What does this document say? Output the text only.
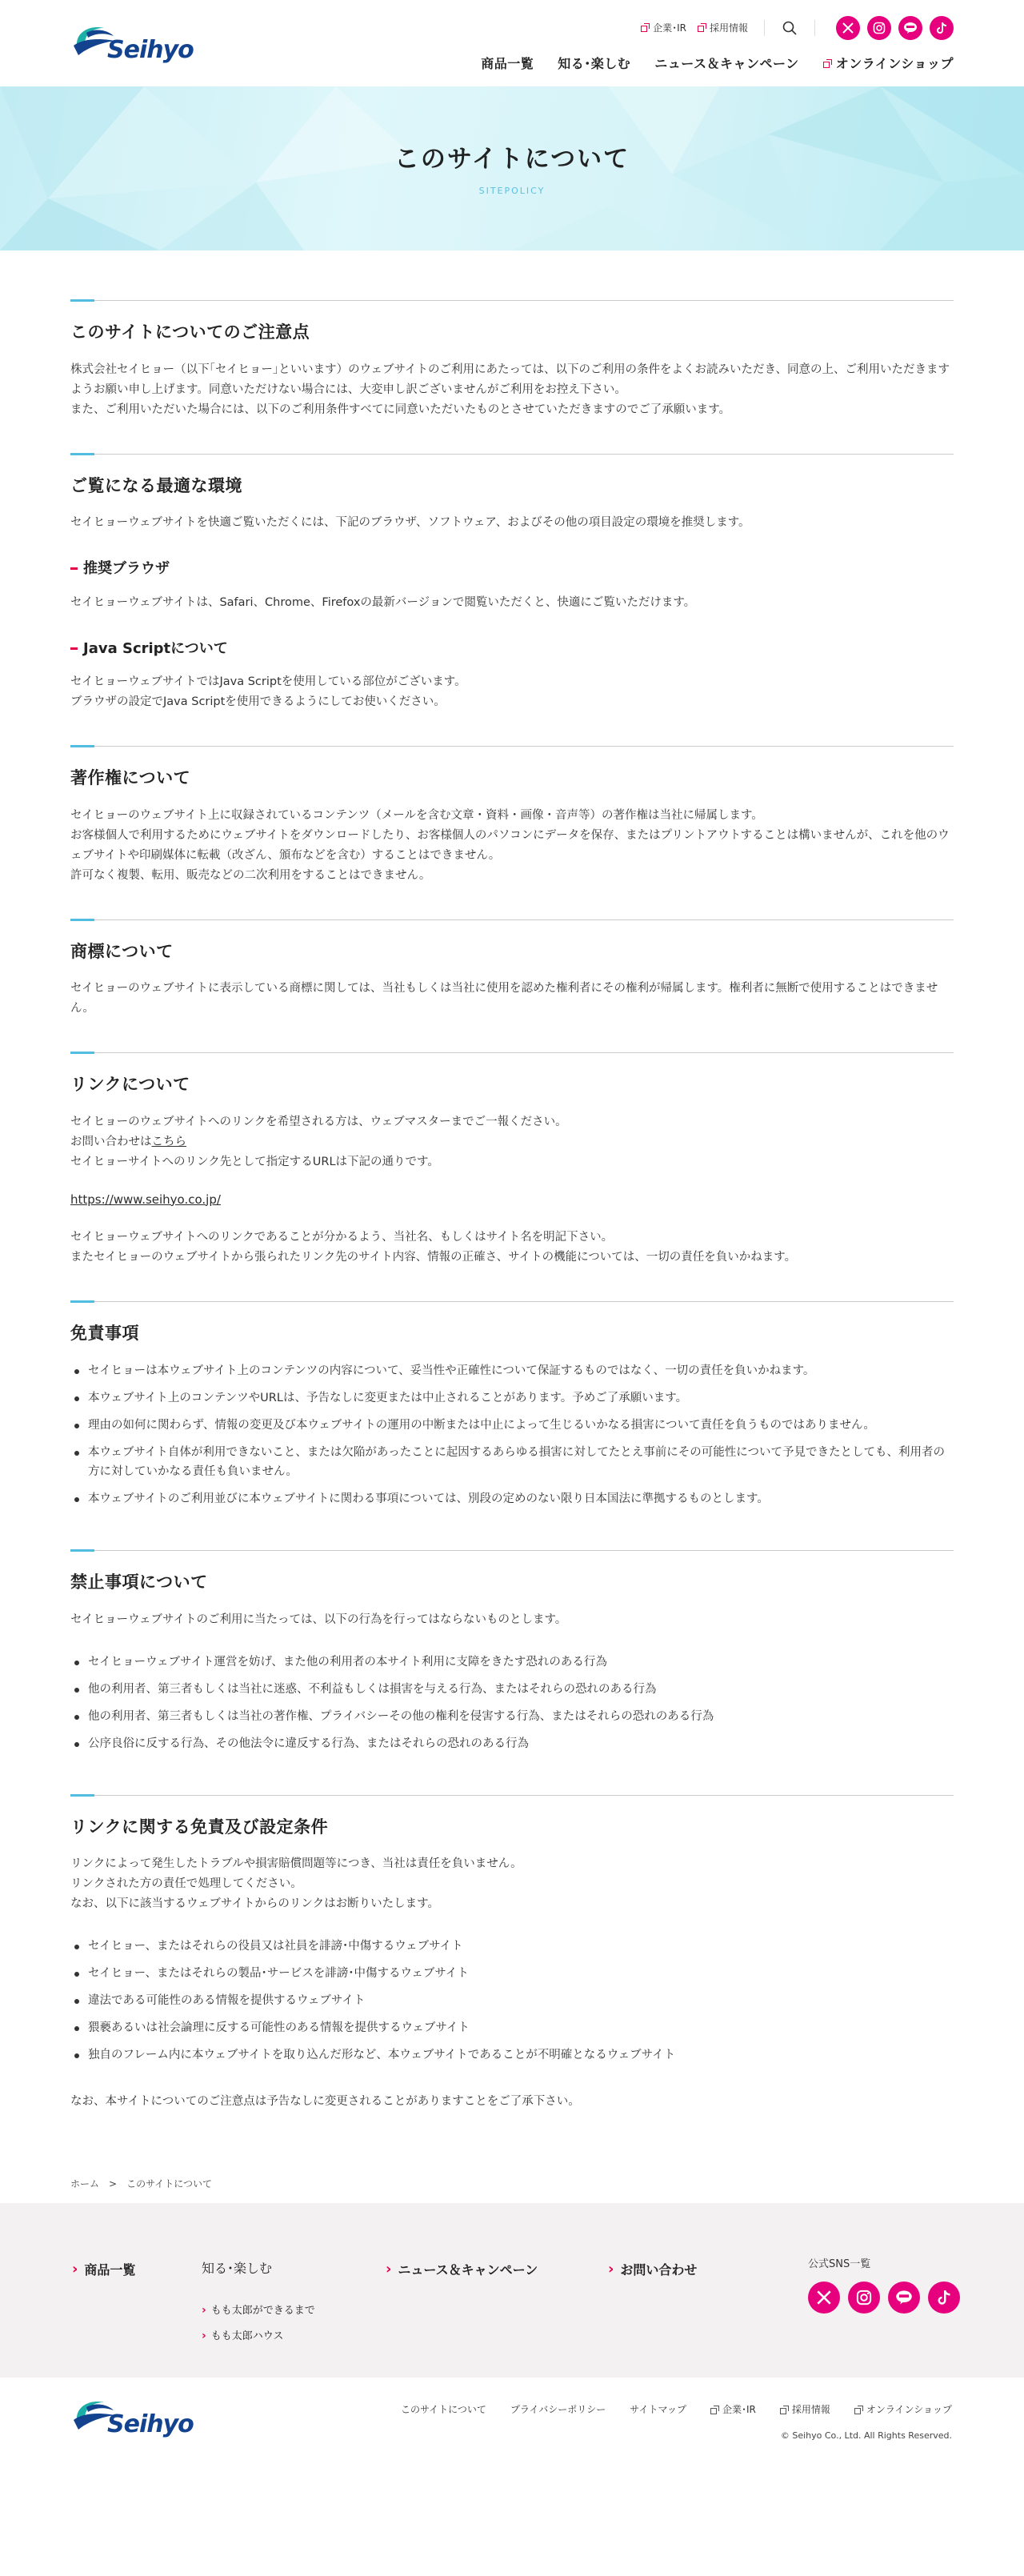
Seihyo
企業･IR 採用情報
商品一覧 知る･楽しむ ニュース＆キャンペーン	オンラインショップ
このサイトについて
SITEPOLICY
このサイトについてのご注意点

株式会社セイヒョー（以下｢セイヒョー｣といいます）のウェブサイトのご利用にあたっては、以下のご利用の条件をよくお読みいただき、同意の上、ご利用いただきますようお願い申し上げます。同意いただけない場合には、大変申し訳ございませんがご利用をお控え下さい。

また、ご利用いただいた場合には、以下のご利用条件すべてに同意いただいたものとさせていただきますのでご了承願います。

ご覧になる最適な環境

セイヒョーウェブサイトを快適ご覧いただくには、下記のブラウザ、ソフトウェア、およびその他の項目設定の環境を推奨します。

推奨ブラウザ

セイヒョーウェブサイトは、Safari、Chrome、Firefoxの最新バージョンで閲覧いただくと、快適にご覧いただけます。

Java Scriptについて

セイヒョーウェブサイトではJava Scriptを使用している部位がございます。

ブラウザの設定でJava Scriptを使用できるようにしてお使いください。

著作権について

セイヒョーのウェブサイト上に収録されているコンテンツ（メールを含む文章・資料・画像・音声等）の著作権は当社に帰属します。

お客様個人で利用するためにウェブサイトをダウンロードしたり、お客様個人のパソコンにデータを保存、またはプリントアウトすることは構いませんが、これを他のウェブサイトや印刷媒体に転載（改ざん、頒布などを含む）することはできません。

許可なく複製、転用、販売などの二次利用をすることはできません。

商標について

セイヒョーのウェブサイトに表示している商標に関しては、当社もしくは当社に使用を認めた権利者にその権利が帰属します。権利者に無断で使用することはできません。

リンクについて

セイヒョーのウェブサイトへのリンクを希望される方は、ウェブマスターまでご一報ください。

お問い合わせはこちら

セイヒョーサイトへのリンク先として指定するURLは下記の通りです。

https://www.seihyo.co.jp/

セイヒョーウェブサイトへのリンクであることが分かるよう、当社名、もしくはサイト名を明記下さい。

またセイヒョーのウェブサイトから張られたリンク先のサイト内容、情報の正確さ、サイトの機能については、一切の責任を負いかねます。

免責事項
セイヒョーは本ウェブサイト上のコンテンツの内容について、妥当性や正確性について保証するものではなく、一切の責任を負いかねます。
本ウェブサイト上のコンテンツやURLは、予告なしに変更または中止されることがあります。予めご了承願います。
理由の如何に関わらず、情報の変更及び本ウェブサイトの運用の中断または中止によって生じるいかなる損害について責任を負うものではありません。
本ウェブサイト自体が利用できないこと、または欠陥があったことに起因するあらゆる損害に対してたとえ事前にその可能性について予見できたとしても、利用者の方に対していかなる責任も負いません。
本ウェブサイトのご利用並びに本ウェブサイトに関わる事項については、別段の定めのない限り日本国法に準拠するものとします。
禁止事項について

セイヒョーウェブサイトのご利用に当たっては、以下の行為を行ってはならないものとします。

セイヒョーウェブサイト運営を妨げ、また他の利用者の本サイト利用に支障をきたす恐れのある行為
他の利用者、第三者もしくは当社に迷惑、不利益もしくは損害を与える行為、またはそれらの恐れのある行為
他の利用者、第三者もしくは当社の著作権、プライバシーその他の権利を侵害する行為、またはそれらの恐れのある行為
公序良俗に反する行為、その他法令に違反する行為、またはそれらの恐れのある行為
リンクに関する免責及び設定条件

リンクによって発生したトラブルや損害賠償問題等につき、当社は責任を負いません。

リンクされた方の責任で処理してください。

なお、以下に該当するウェブサイトからのリンクはお断りいたします。

セイヒョー、またはそれらの役員又は社員を誹謗･中傷するウェブサイト
セイヒョー、またはそれらの製品･サービスを誹謗･中傷するウェブサイト
違法である可能性のある情報を提供するウェブサイト
猥褻あるいは社会論理に反する可能性のある情報を提供するウェブサイト
独自のフレーム内に本ウェブサイトを取り込んだ形など、本ウェブサイトであることが不明確となるウェブサイト

なお、本サイトについてのご注意点は予告なしに変更されることがありますことをご了承下さい。

ホーム > このサイトについて
› 商品一覧	知る･楽しむ
› もも太郎ができるまで
› もも太郎ハウス
› ニュース＆キャンペーン	› お問い合わせ	公式SNS一覧
Seihyo
このサイトについて	プライバシーポリシー	サイトマップ	企業･IR	採用情報	オンラインショップ
© Seihyo Co., Ltd. All Rights Reserved.
